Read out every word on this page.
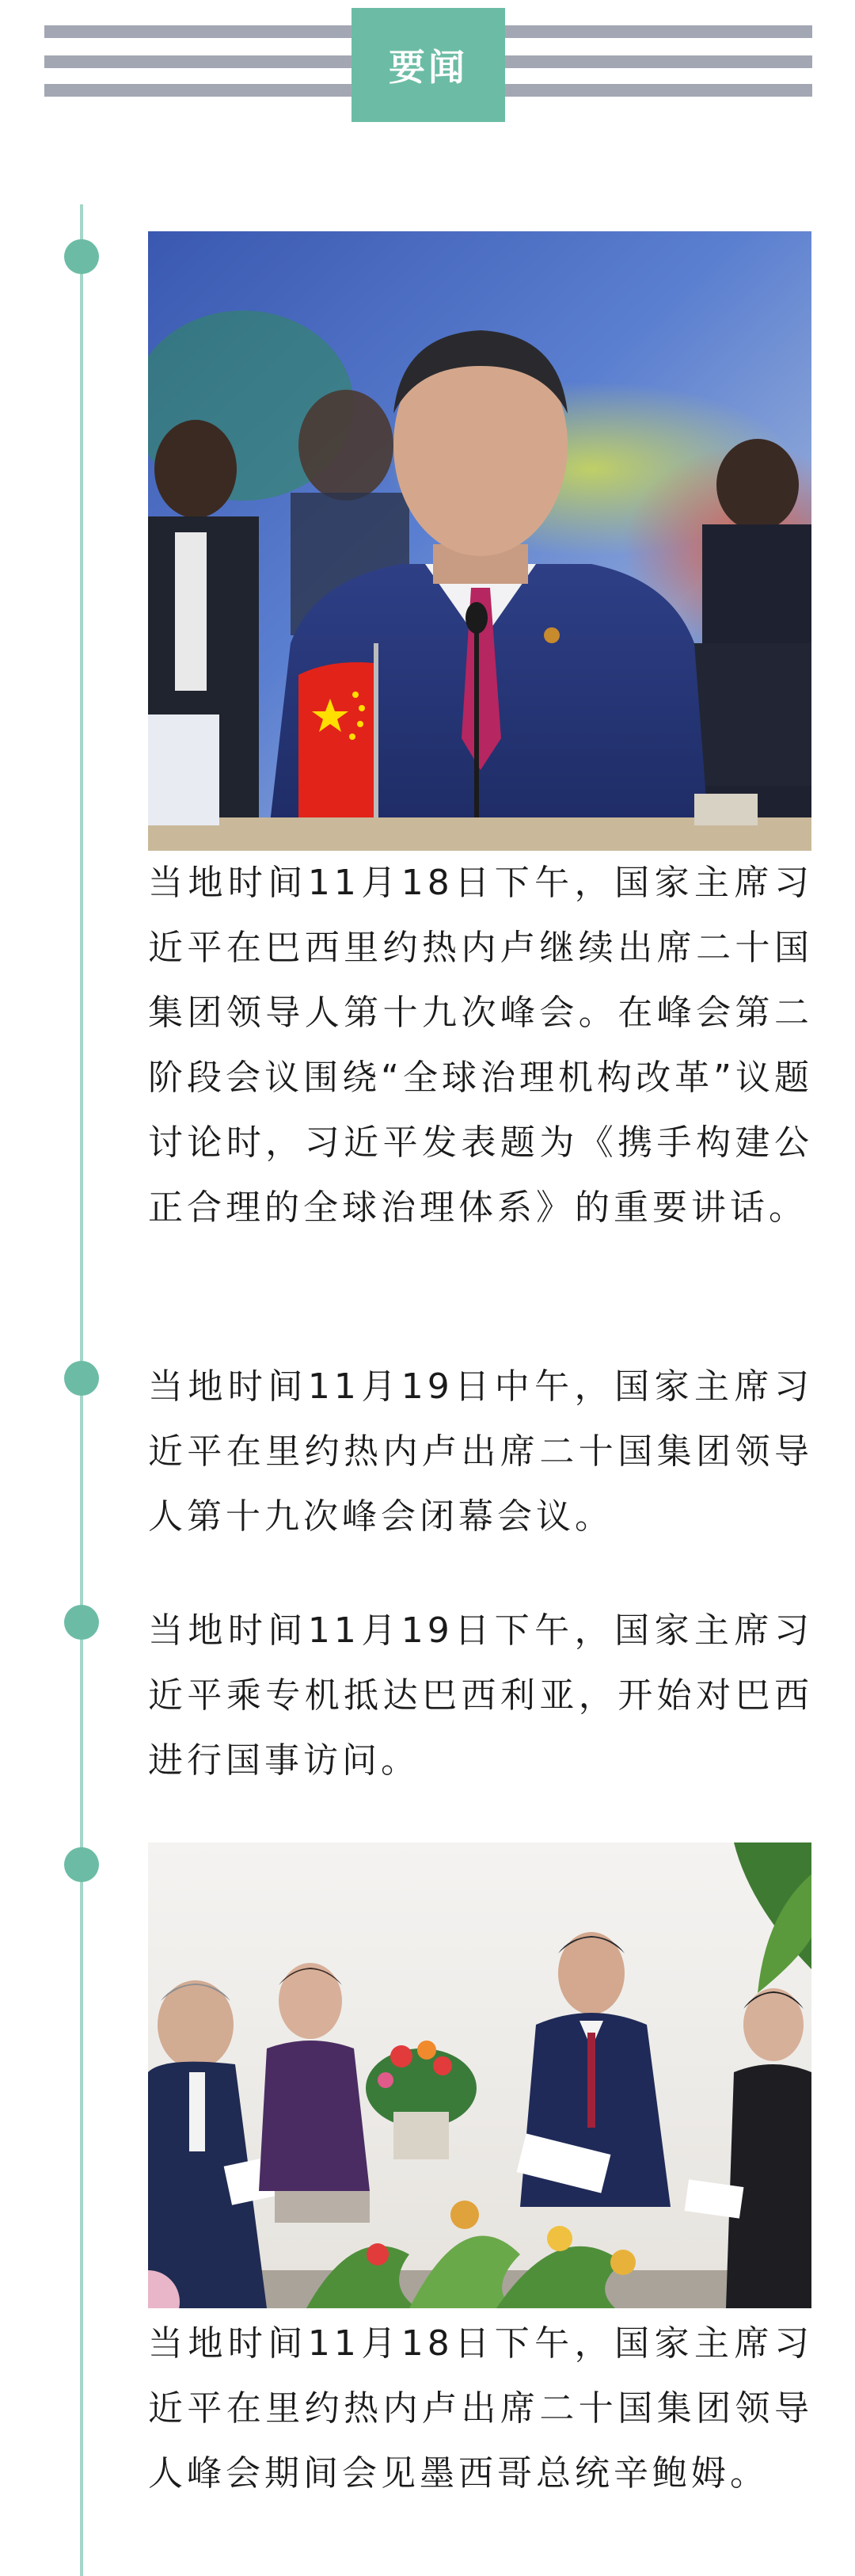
要闻
当地时间11月18日下午，国家主席习近平在巴西里约热内卢继续出席二十国集团领导人第十九次峰会。在峰会第二阶段会议围绕“全球治理机构改革”议题讨论时，习近平发表题为《携手构建公正合理的全球治理体系》的重要讲话。
当地时间11月19日中午，国家主席习近平在里约热内卢出席二十国集团领导人第十九次峰会闭幕会议。
当地时间11月19日下午，国家主席习近平乘专机抵达巴西利亚，开始对巴西进行国事访问。
当地时间11月18日下午，国家主席习近平在里约热内卢出席二十国集团领导人峰会期间会见墨西哥总统辛鲍姆。
